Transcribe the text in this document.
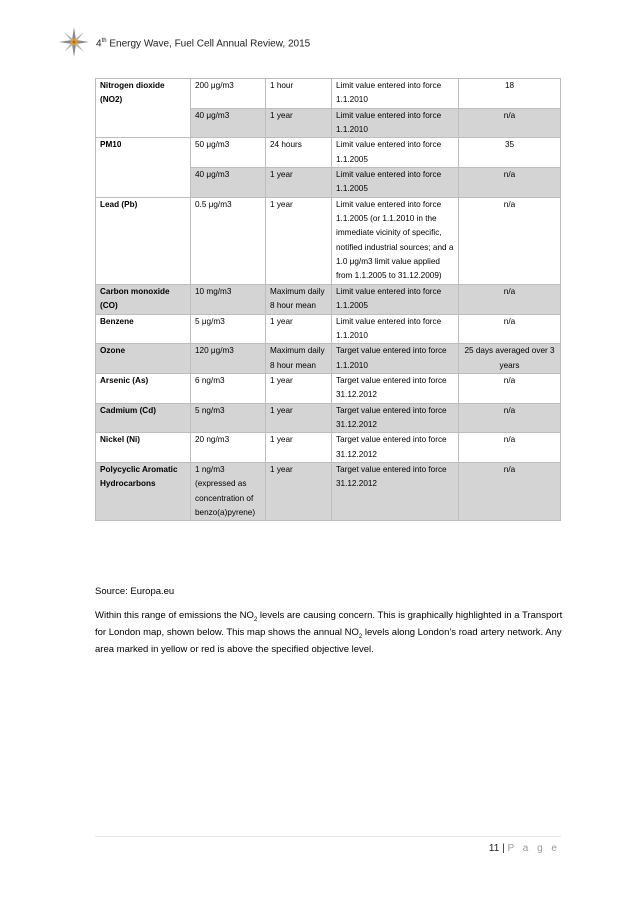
4th Energy Wave, Fuel Cell Annual Review, 2015
Nitrogen dioxide (NO2)	200 μg/m3	1 hour	Limit value entered into force 1.1.2010	18
	40 μg/m3	1 year	Limit value entered into force 1.1.2010	n/a
PM10	50 μg/m3	24 hours	Limit value entered into force 1.1.2005	35
	40 μg/m3	1 year	Limit value entered into force 1.1.2005	n/a
Lead (Pb)	0.5 μg/m3	1 year	Limit value entered into force 1.1.2005 (or 1.1.2010 in the immediate vicinity of specific, notified industrial sources; and a 1.0 μg/m3 limit value applied from 1.1.2005 to 31.12.2009)	n/a
Carbon monoxide (CO)	10 mg/m3	Maximum daily 8 hour mean	Limit value entered into force 1.1.2005	n/a
Benzene	5 μg/m3	1 year	Limit value entered into force 1.1.2010	n/a
Ozone	120 μg/m3	Maximum daily 8 hour mean	Target value entered into force 1.1.2010	25 days averaged over 3 years
Arsenic (As)	6 ng/m3	1 year	Target value entered into force 31.12.2012	n/a
Cadmium (Cd)	5 ng/m3	1 year	Target value entered into force 31.12.2012	n/a
Nickel (Ni)	20 ng/m3	1 year	Target value entered into force 31.12.2012	n/a
Polycyclic Aromatic Hydrocarbons	1 ng/m3 (expressed as concentration of benzo(a)pyrene)	1 year	Target value entered into force 31.12.2012	n/a
Source: Europa.eu
Within this range of emissions the $NO_2$ levels are causing concern. This is graphically highlighted in a Transport for London map, shown below. This map shows the annual $NO_2$ levels along London’s road artery network. Any area marked in yellow or red is above the specified objective level.
11 | P a g e
